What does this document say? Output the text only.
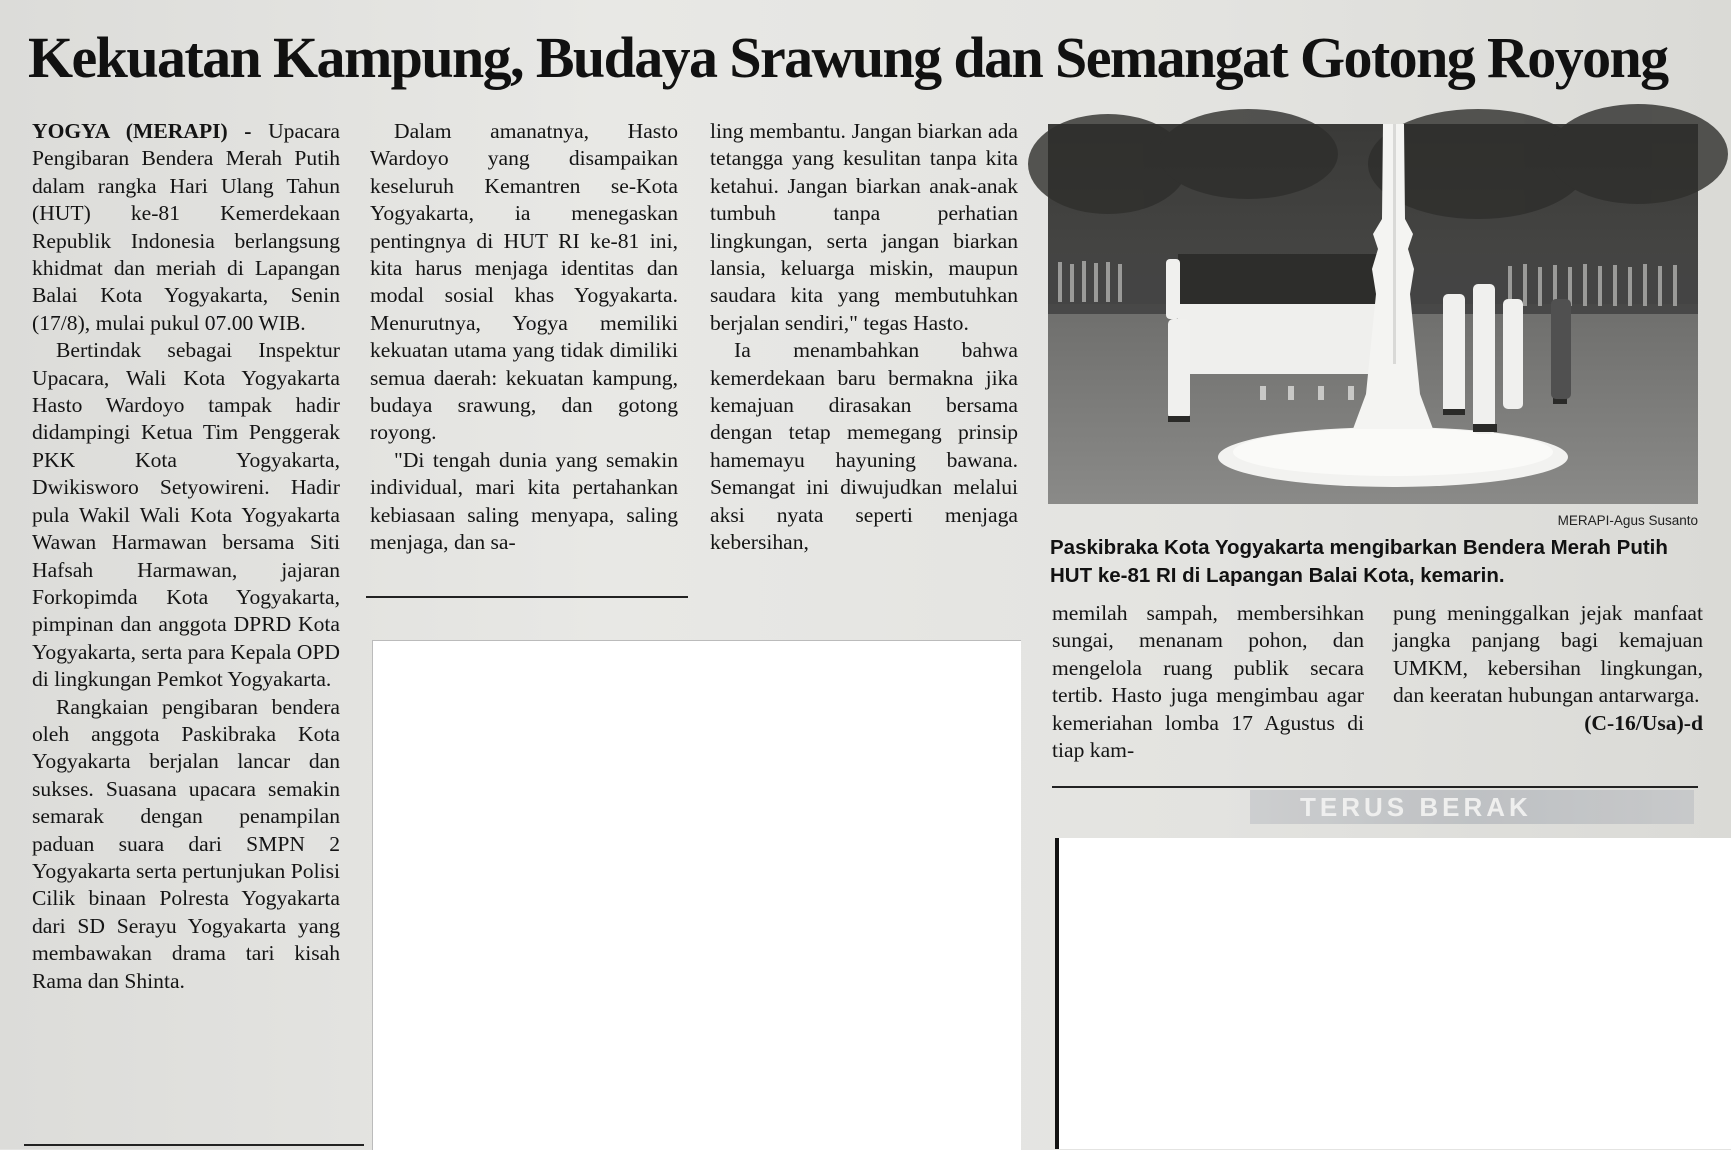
Kekuatan Kampung, Budaya Srawung dan Semangat Gotong Royong

YOGYA (MERAPI) - Upacara Pengibaran Bendera Merah Putih dalam rangka Hari Ulang Tahun (HUT) ke-81 Kemerdekaan Republik Indonesia berlangsung khidmat dan meriah di Lapangan Balai Kota Yogyakarta, Senin (17/8), mulai pukul 07.00 WIB.

Bertindak sebagai Inspektur Upacara, Wali Kota Yogyakarta Hasto Wardoyo tampak hadir didampingi Ketua Tim Penggerak PKK Kota Yogyakarta, Dwikisworo Setyowireni. Hadir pula Wakil Wali Kota Yogyakarta Wawan Harmawan bersama Siti Hafsah Harmawan, jajaran Forkopimda Kota Yogyakarta, pimpinan dan anggota DPRD Kota Yogyakarta, serta para Kepala OPD di lingkungan Pemkot Yogyakarta.

Rangkaian pengibaran bendera oleh anggota Paskibraka Kota Yogyakarta berjalan lancar dan sukses. Suasana upacara semakin semarak dengan penampilan paduan suara dari SMPN 2 Yogyakarta serta pertunjukan Polisi Cilik binaan Polresta Yogyakarta dari SD Serayu Yogyakarta yang membawakan drama tari kisah Rama dan Shinta.

Dalam amanatnya, Hasto Wardoyo yang disampaikan keseluruh Kemantren se-Kota Yogyakarta, ia menegaskan pentingnya di HUT RI ke-81 ini, kita harus menjaga identitas dan modal sosial khas Yogyakarta. Menurutnya, Yogya memiliki kekuatan utama yang tidak dimiliki semua daerah: kekuatan kampung, budaya srawung, dan gotong royong.

"Di tengah dunia yang semakin individual, mari kita pertahankan kebiasaan saling menyapa, saling menjaga, dan sa-

ling membantu. Jangan biarkan ada tetangga yang kesulitan tanpa kita ketahui. Jangan biarkan anak-anak tumbuh tanpa perhatian lingkungan, serta jangan biarkan lansia, keluarga miskin, maupun saudara kita yang membutuhkan berjalan sendiri," tegas Hasto.

Ia menambahkan bahwa kemerdekaan baru bermakna jika kemajuan dirasakan bersama dengan tetap memegang prinsip hamemayu hayuning bawana. Semangat ini diwujudkan melalui aksi nyata seperti menjaga kebersihan,

MERAPI-Agus Susanto
Paskibraka Kota Yogyakarta mengibarkan Bendera Merah Putih HUT ke-81 RI di Lapangan Balai Kota, kemarin.

memilah sampah, membersihkan sungai, menanam pohon, dan mengelola ruang publik secara tertib. Hasto juga mengimbau agar kemeriahan lomba 17 Agustus di tiap kam-

pung meninggalkan jejak manfaat jangka panjang bagi kemajuan UMKM, kebersihan lingkungan, dan keeratan hubungan antarwarga.

(C-16/Usa)-d

TERUS BERAK
